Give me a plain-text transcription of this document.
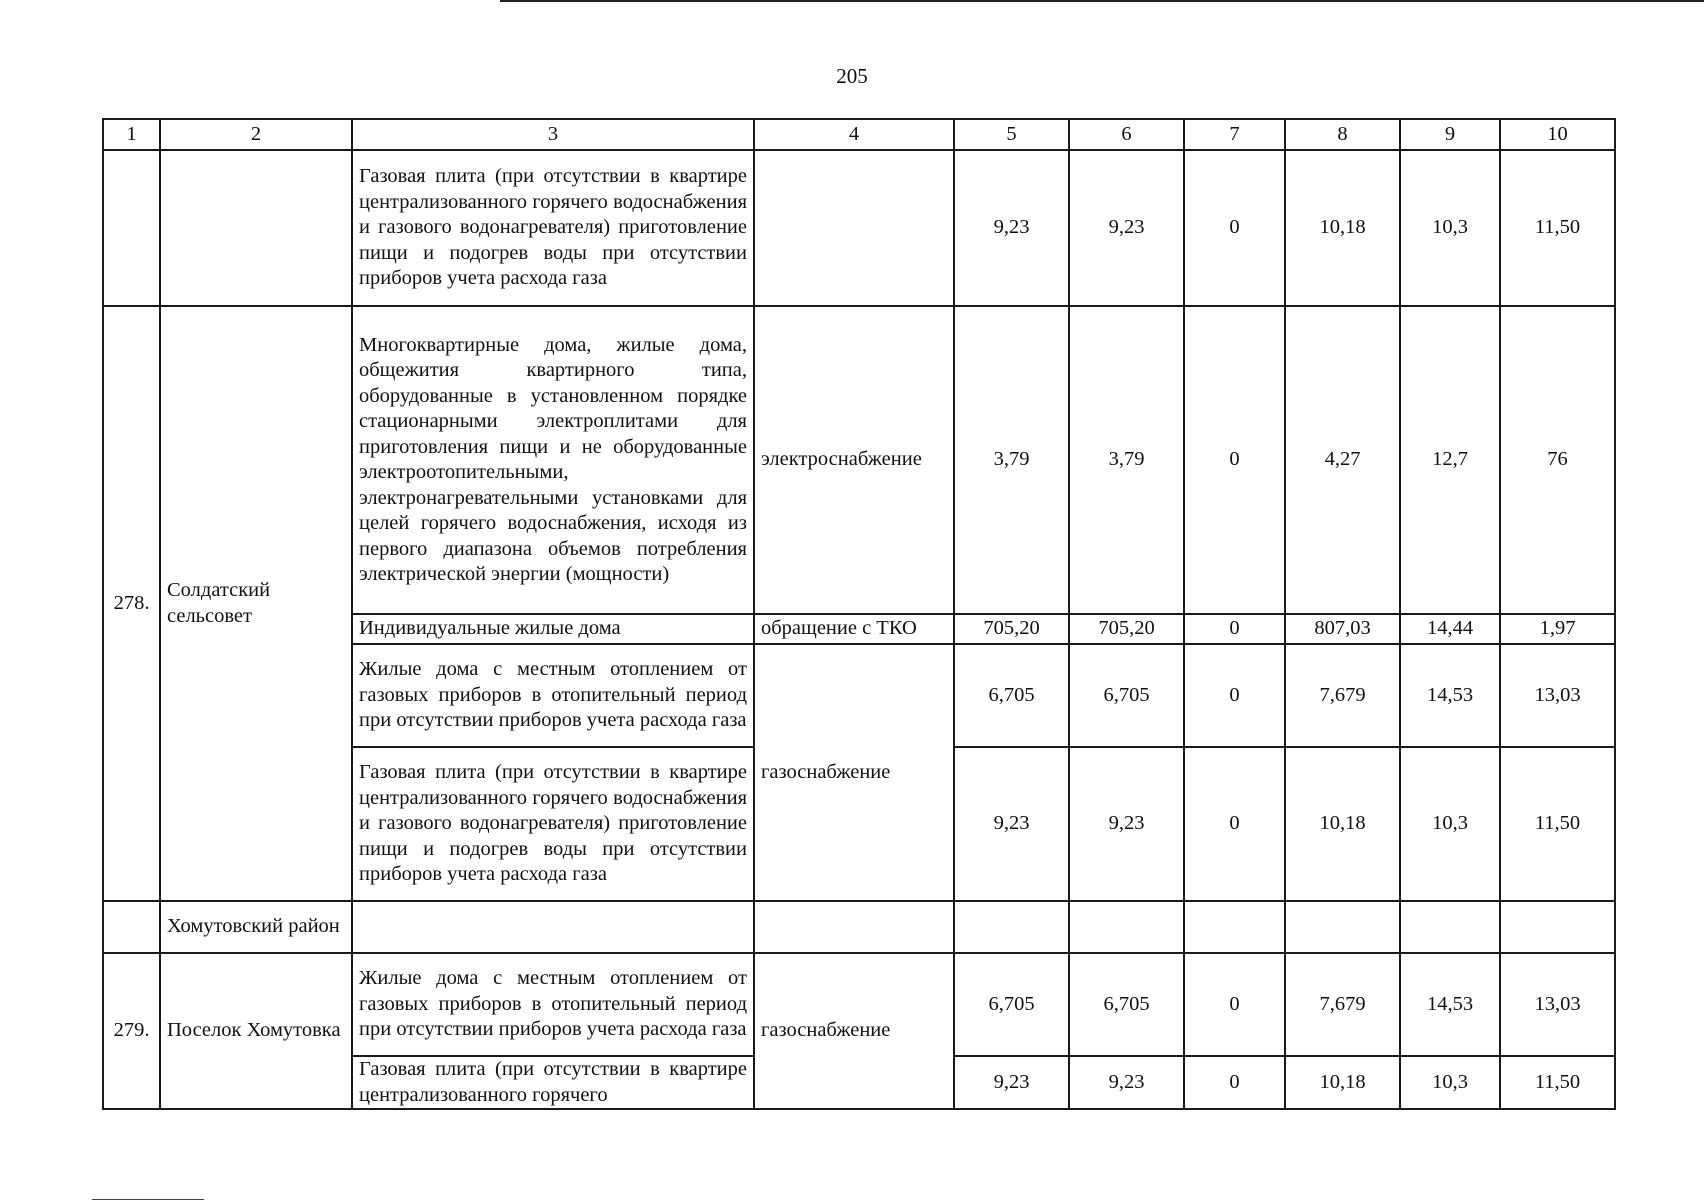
205
1	2	3	4	5	6	7	8	9	10
		Газовая плита (при отсутствии в квартире централизованного горячего водоснабжения и газового водонагревателя) приготовление пищи и подогрев воды при отсутствии приборов учета расхода газа		9,23	9,23	0	10,18	10,3	11,50
278.	Солдатский сельсовет	Многоквартирные дома, жилые дома, общежития квартирного типа, оборудованные в установленном порядке стационарными электроплитами для приготовления пищи и не оборудованные электроотопительными, электронагревательными установками для целей горячего водоснабжения, исходя из первого диапазона объемов потребления электрической энергии (мощности)	электроснабжение	3,79	3,79	0	4,27	12,7	76
		Индивидуальные жилые дома	обращение с ТКО	705,20	705,20	0	807,03	14,44	1,97
		Жилые дома с местным отоплением от газовых приборов в отопительный период при отсутствии приборов учета расхода газа	газоснабжение	6,705	6,705	0	7,679	14,53	13,03
		Газовая плита (при отсутствии в квартире централизованного горячего водоснабжения и газового водонагревателя) приготовление пищи и подогрев воды при отсутствии приборов учета расхода газа		9,23	9,23	0	10,18	10,3	11,50
	Хомутовский район								
279.	Поселок Хомутовка	Жилые дома с местным отоплением от газовых приборов в отопительный период при отсутствии приборов учета расхода газа	газоснабжение	6,705	6,705	0	7,679	14,53	13,03
		Газовая плита (при отсутствии в квартире централизованного горячего		9,23	9,23	0	10,18	10,3	11,50
